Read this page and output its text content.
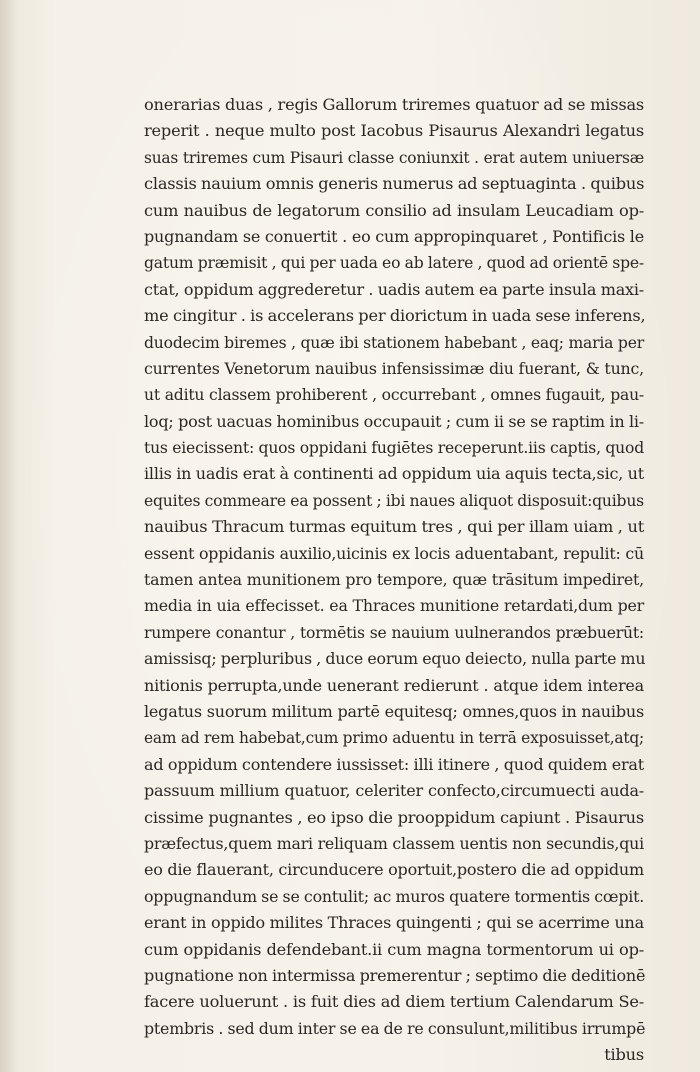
onerarias duas , regis Gallorum triremes quatuor ad se missas
reperit . neque multo post Iacobus Pisaurus Alexandri legatus
suas triremes cum Pisauri classe coniunxit . erat autem uniuersæ
classis nauium omnis generis numerus ad septuaginta . quibus
cum nauibus de legatorum consilio ad insulam Leucadiam op-
pugnandam se conuertit . eo cum appropinquaret , Pontificis le
gatum præmisit , qui per uada eo ab latere , quod ad orientē spe-
ctat, oppidum aggrederetur . uadis autem ea parte insula maxi-
me cingitur . is accelerans per diorictum in uada sese inferens,
duodecim biremes , quæ ibi stationem habebant , eaq; maria per
currentes Venetorum nauibus infensissimæ diu fuerant, & tunc,
ut aditu classem prohiberent , occurrebant , omnes fugauit, pau-
loq; post uacuas hominibus occupauit ; cum ii se se raptim in li-
tus eiecissent: quos oppidani fugiētes receperunt.iis captis, quod
illis in uadis erat à continenti ad oppidum uia aquis tecta,sic, ut
equites commeare ea possent ; ibi naues aliquot disposuit:quibus
nauibus Thracum turmas equitum tres , qui per illam uiam , ut
essent oppidanis auxilio,uicinis ex locis aduentabant, repulit: cū
tamen antea munitionem pro tempore, quæ trāsitum impediret,
media in uia effecisset. ea Thraces munitione retardati,dum per
rumpere conantur , tormētis se nauium uulnerandos præbuerūt:
amissisq; perpluribus , duce eorum equo deiecto, nulla parte mu
nitionis perrupta,unde uenerant redierunt . atque idem interea
legatus suorum militum partē equitesq; omnes,quos in nauibus
eam ad rem habebat,cum primo aduentu in terrā exposuisset,atq;
ad oppidum contendere iussisset: illi itinere , quod quidem erat
passuum millium quatuor, celeriter confecto,circumuecti auda-
cissime pugnantes , eo ipso die prooppidum capiunt . Pisaurus
præfectus,quem mari reliquam classem uentis non secundis,qui
eo die flauerant, circunducere oportuit,postero die ad oppidum
oppugnandum se se contulit; ac muros quatere tormentis cœpit.
erant in oppido milites Thraces quingenti ; qui se acerrime una
cum oppidanis defendebant.ii cum magna tormentorum ui op-
pugnatione non intermissa premerentur ; septimo die deditionē
facere uoluerunt . is fuit dies ad diem tertium Calendarum Se-
ptembris . sed dum inter se ea de re consulunt,militibus irrumpē
tibus
